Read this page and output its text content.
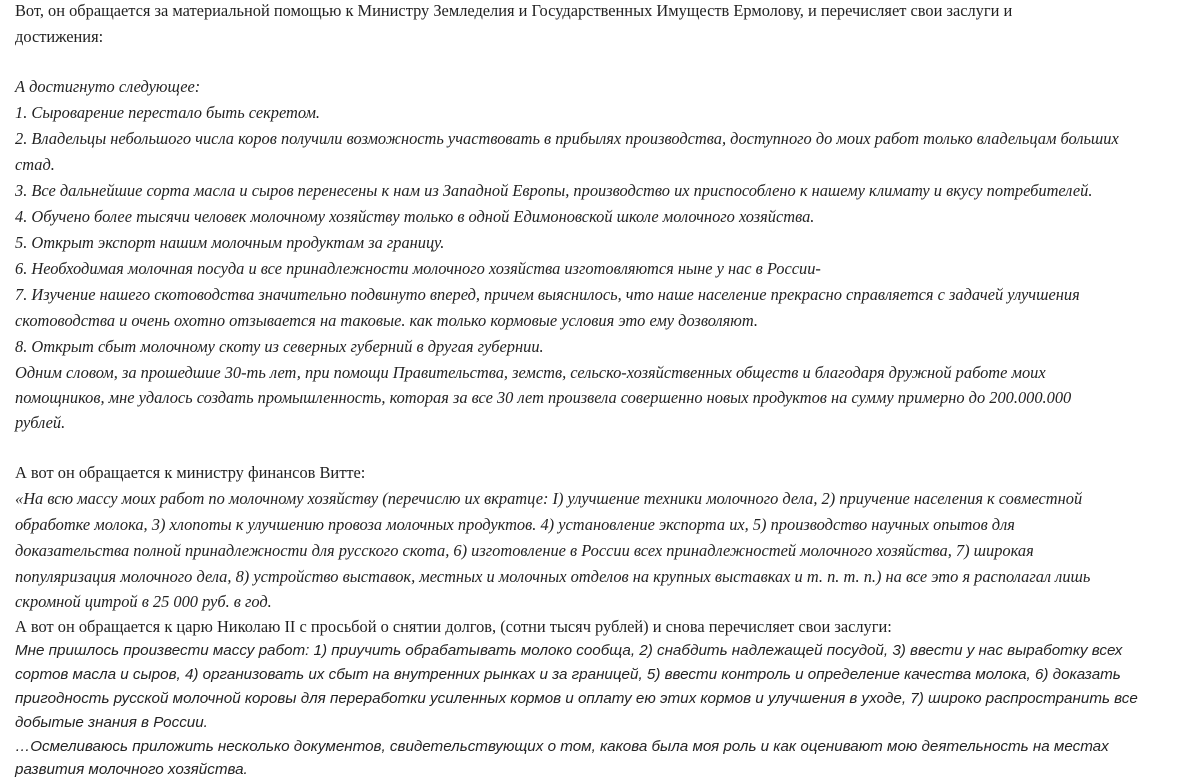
Вот, он обращается за материальной помощью к Министру Земледелия и Государственных Имуществ Ермолову, и перечисляет свои заслуги и
достижения:
А достигнуто следующее:
1. Сыроварение перестало быть секретом.
2. Владельцы небольшого числа коров получили возможность участвовать в прибылях производства, доступного до моих работ только владельцам больших
стад.
3. Все дальнейшие сорта масла и сыров перенесены к нам из Западной Европы, производство их приспособлено к нашему климату и вкусу потребителей.
4. Обучено более тысячи человек молочному хозяйству только в одной Едимоновской школе молочного хозяйства.
5. Открыт экспорт нашим молочным продуктам за границу.
6. Необходимая молочная посуда и все принадлежности молочного хозяйства изготовляются ныне у нас в России-
7. Изучение нашего скотоводства значительно подвинуто вперед, причем выяснилось, что наше население прекрасно справляется с задачей улучшения
скотоводства и очень охотно отзывается на таковые. как только кормовые условия это ему дозволяют.
8. Открыт сбыт молочному скоту из северных губерний в другая губернии.
Одним словом, за прошедшие 30-ть лет, при помощи Правительства, земств, сельско-хозяйственных обществ и благодаря дружной работе моих
помощников, мне удалось создать промышленность, которая за все 30 лет произвела совершенно новых продуктов на сумму примерно до 200.000.000
рублей.
А вот он обращается к министру финансов Витте:
«На всю массу моих работ по молочному хозяйству (перечислю их вкратце: I) улучшение техники молочного дела, 2) приучение населения к совместной
обработке молока, 3) хлопоты к улучшению провоза молочных продуктов. 4) установление экспорта их, 5) производство научных опытов для
доказательства полной принадлежности для русского скота, 6) изготовление в России всех принадлежностей молочного хозяйства, 7) широкая
популяризация молочного дела, 8) устройство выставок, местных и молочных отделов на крупных выставках и т. п. т. п.) на все это я располагал лишь
скромной цитрой в 25 000 руб. в год.
А вот он обращается к царю Николаю II с просьбой о снятии долгов, (сотни тысяч рублей) и снова перечисляет свои заслуги:
Мне пришлось произвести массу работ: 1) приучить обрабатывать молоко сообща, 2) снабдить надлежащей посудой, 3) ввести у нас выработку всех
сортов масла и сыров, 4) организовать их сбыт на внутренних рынках и за границей, 5) ввести контроль и определение качества молока, 6) доказать
пригодность русской молочной коровы для переработки усиленных кормов и оплату ею этих кормов и улучшения в уходе, 7) широко распространить все
добытые знания в России.
…Осмеливаюсь приложить несколько документов, свидетельствующих о том, какова была моя роль и как оценивают мою деятельность на местах
развития молочного хозяйства.
